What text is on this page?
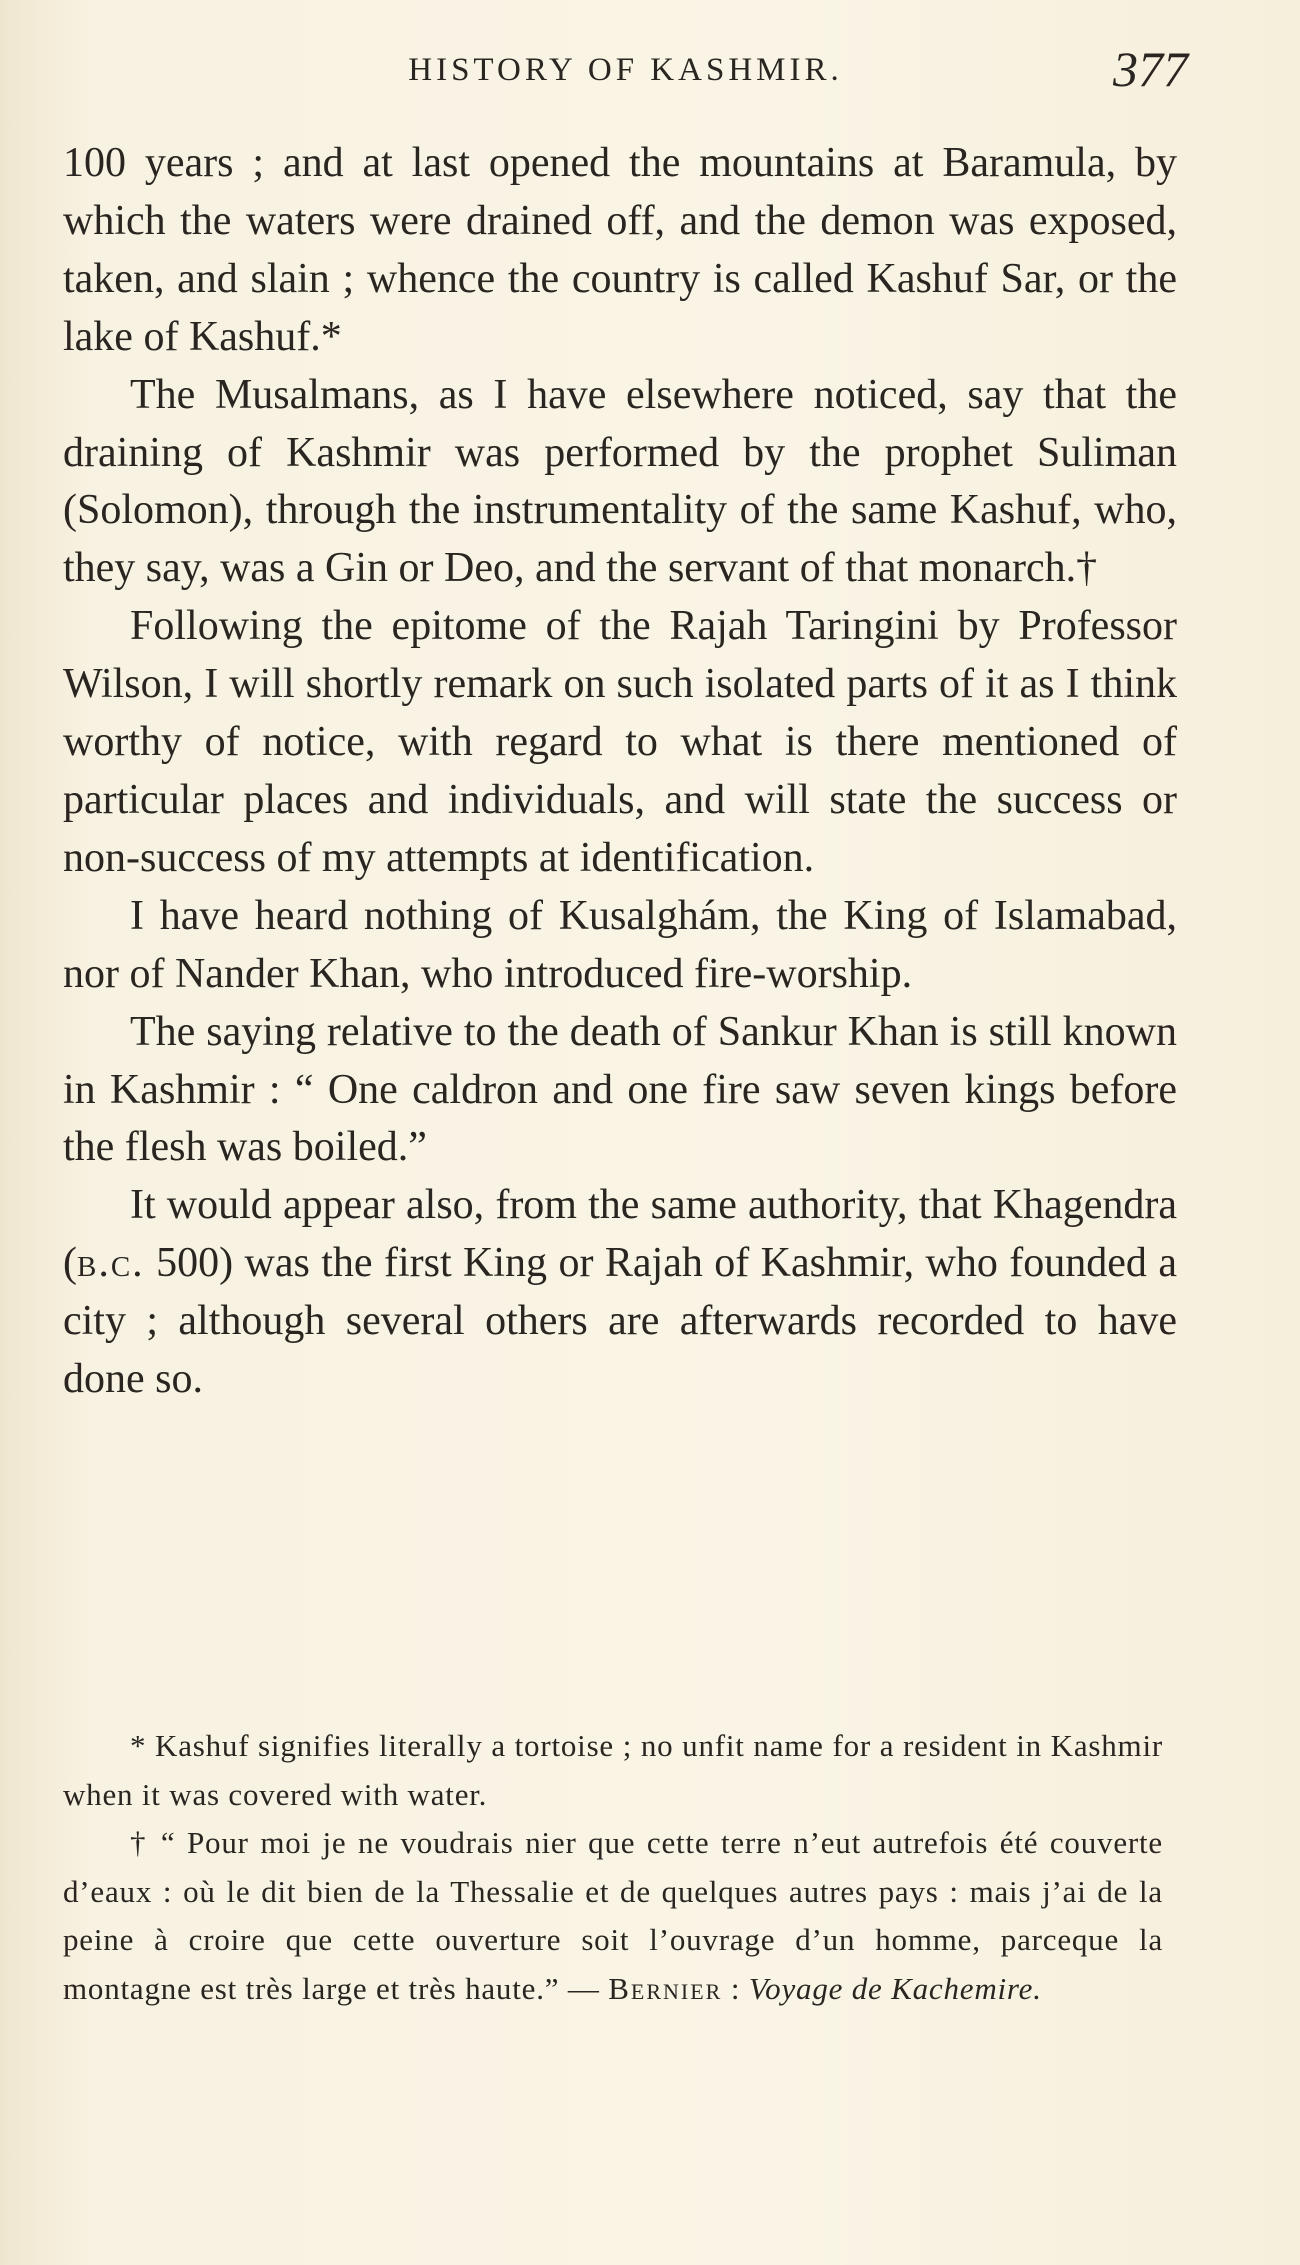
HISTORY OF KASHMIR.	377

100 years ; and at last opened the mountains at Baramula, by which the waters were drained off, and the demon was exposed, taken, and slain ; whence the country is called Kashuf Sar, or the lake of Kashuf.*

The Musalmans, as I have elsewhere noticed, say that the draining of Kashmir was performed by the prophet Suliman (Solomon), through the instrumentality of the same Kashuf, who, they say, was a Gin or Deo, and the servant of that monarch.†

Following the epitome of the Rajah Taringini by Professor Wilson, I will shortly remark on such isolated parts of it as I think worthy of notice, with regard to what is there mentioned of particular places and individuals, and will state the success or non-success of my attempts at identification.

I have heard nothing of Kusalghám, the King of Islamabad, nor of Nander Khan, who introduced fire-worship.

The saying relative to the death of Sankur Khan is still known in Kashmir : “ One caldron and one fire saw seven kings before the flesh was boiled.”

It would appear also, from the same authority, that Khagendra (b.c. 500) was the first King or Rajah of Kashmir, who founded a city ; although several others are afterwards recorded to have done so.

* Kashuf signifies literally a tortoise ; no unfit name for a resident in Kashmir when it was covered with water.

† “ Pour moi je ne voudrais nier que cette terre n’eut autrefois été couverte d’eaux : où le dit bien de la Thessalie et de quelques autres pays : mais j’ai de la peine à croire que cette ouverture soit l’ouvrage d’un homme, parceque la montagne est très large et très haute.” — Bernier : Voyage de Kachemire.
